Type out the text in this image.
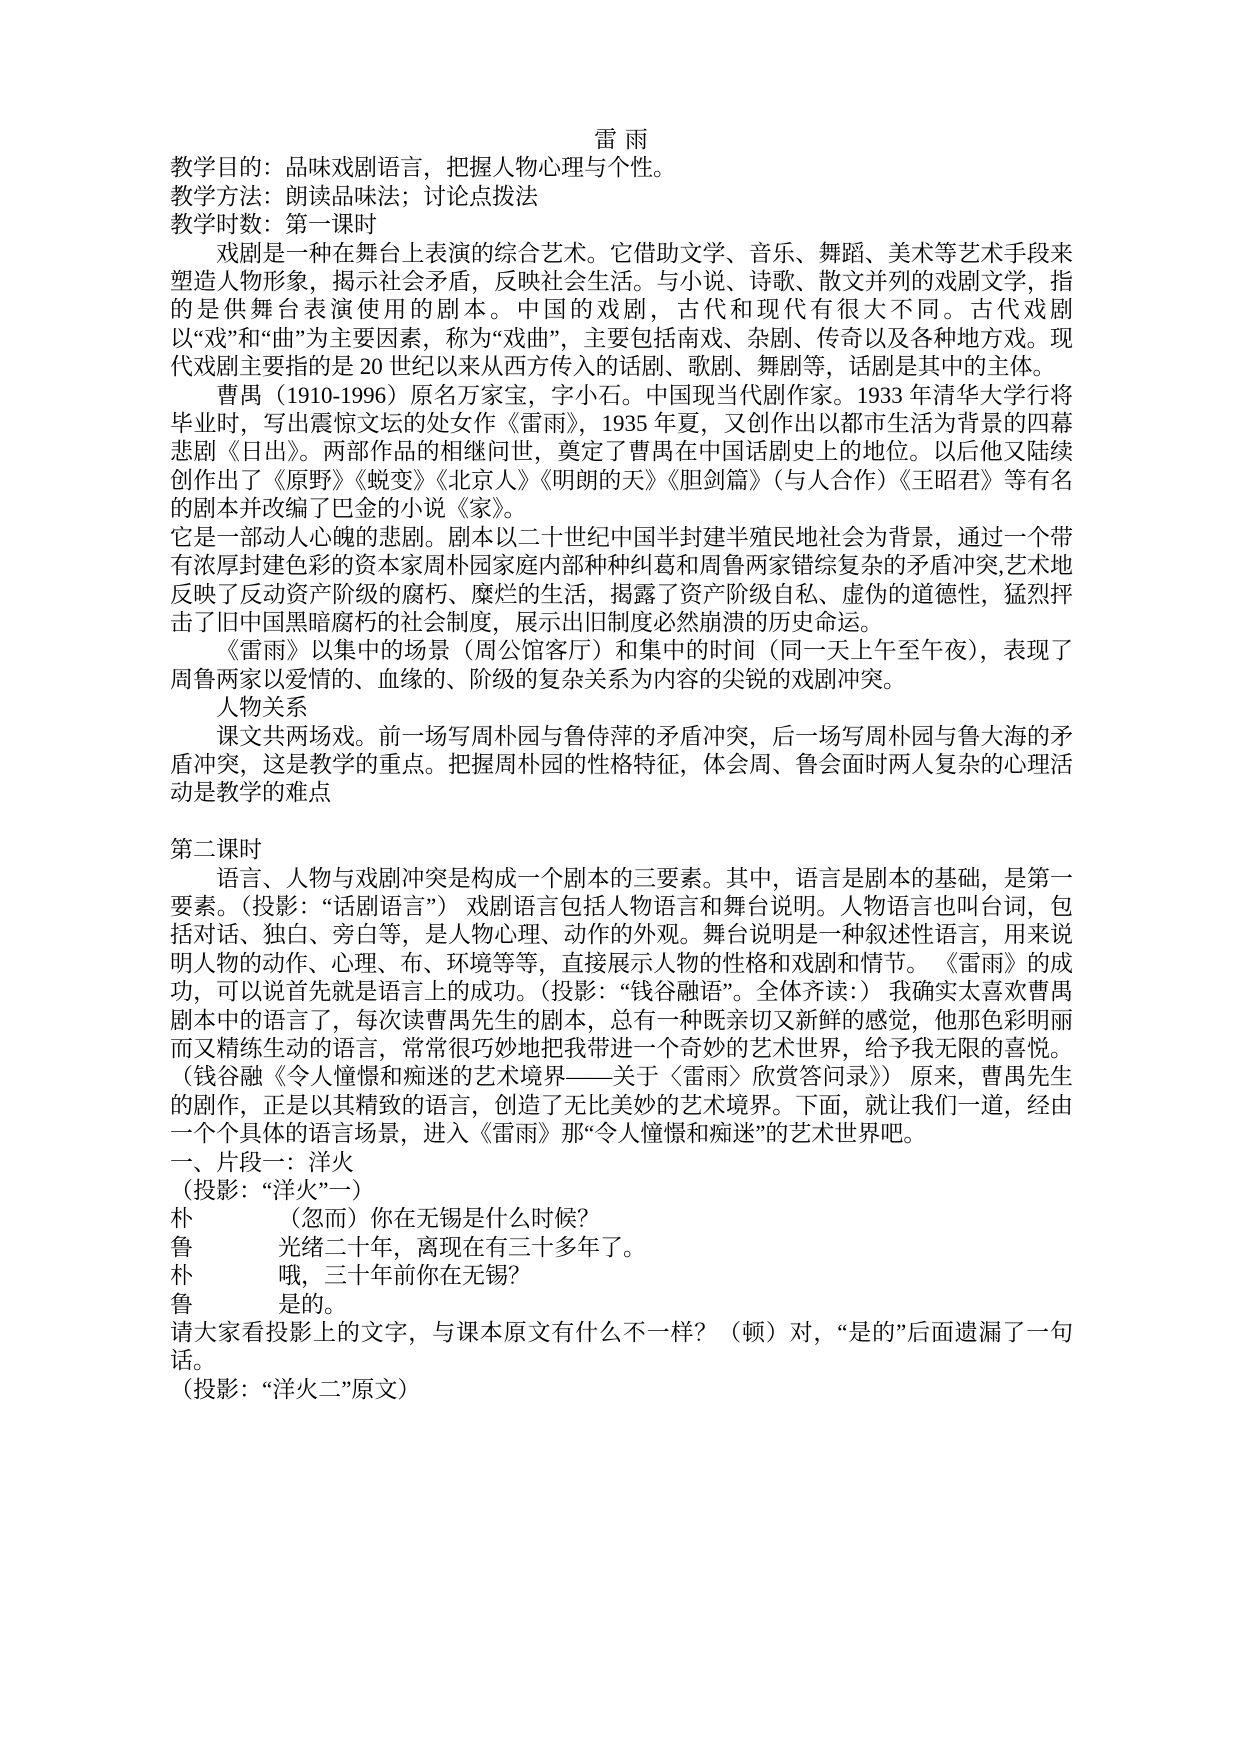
雷 雨

教学目的：品味戏剧语言，把握人物心理与个性。

教学方法：朗读品味法；讨论点拨法

教学时数：第一课时

戏剧是一种在舞台上表演的综合艺术。它借助文学、音乐、舞蹈、美术等艺术手段来塑造人物形象，揭示社会矛盾，反映社会生活。与小说、诗歌、散文并列的戏剧文学，指的是供舞台表演使用的剧本。中国的戏剧，古代和现代有很大不同。古代戏剧以“戏”和“曲”为主要因素，称为“戏曲”，主要包括南戏、杂剧、传奇以及各种地方戏。现代戏剧主要指的是 20 世纪以来从西方传入的话剧、歌剧、舞剧等，话剧是其中的主体。

曹禺（1910-1996）原名万家宝，字小石。中国现当代剧作家。1933 年清华大学行将毕业时，写出震惊文坛的处女作《雷雨》，1935 年夏，又创作出以都市生活为背景的四幕悲剧《日出》。两部作品的相继问世，奠定了曹禺在中国话剧史上的地位。以后他又陆续创作出了《原野》《蜕变》《北京人》《明朗的天》《胆剑篇》（与人合作）《王昭君》等有名的剧本并改编了巴金的小说《家》。

它是一部动人心魄的悲剧。剧本以二十世纪中国半封建半殖民地社会为背景，通过一个带有浓厚封建色彩的资本家周朴园家庭内部种种纠葛和周鲁两家错综复杂的矛盾冲突,艺术地反映了反动资产阶级的腐朽、糜烂的生活，揭露了资产阶级自私、虚伪的道德性，猛烈抨击了旧中国黑暗腐朽的社会制度，展示出旧制度必然崩溃的历史命运。

《雷雨》以集中的场景（周公馆客厅）和集中的时间（同一天上午至午夜），表现了周鲁两家以爱情的、血缘的、阶级的复杂关系为内容的尖锐的戏剧冲突。

人物关系

课文共两场戏。前一场写周朴园与鲁侍萍的矛盾冲突，后一场写周朴园与鲁大海的矛盾冲突，这是教学的重点。把握周朴园的性格特征，体会周、鲁会面时两人复杂的心理活动是教学的难点

第二课时

语言、人物与戏剧冲突是构成一个剧本的三要素。其中，语言是剧本的基础，是第一要素。（投影：“话剧语言”） 戏剧语言包括人物语言和舞台说明。人物语言也叫台词，包括对话、独白、旁白等，是人物心理、动作的外观。舞台说明是一种叙述性语言，用来说明人物的动作、心理、布、环境等等，直接展示人物的性格和戏剧和情节。 《雷雨》的成功，可以说首先就是语言上的成功。（投影：“钱谷融语”。全体齐读：） 我确实太喜欢曹禺剧本中的语言了，每次读曹禺先生的剧本，总有一种既亲切又新鲜的感觉，他那色彩明丽而又精练生动的语言，常常很巧妙地把我带进一个奇妙的艺术世界，给予我无限的喜悦。（钱谷融《令人憧憬和痴迷的艺术境界——关于〈雷雨〉欣赏答问录》） 原来，曹禺先生的剧作，正是以其精致的语言，创造了无比美妙的艺术境界。下面，就让我们一道，经由一个个具体的语言场景，进入《雷雨》那“令人憧憬和痴迷”的艺术世界吧。

一、片段一：洋火

（投影：“洋火”一）

朴	（忽而）你在无锡是什么时候？

鲁	光绪二十年，离现在有三十多年了。

朴	哦，三十年前你在无锡？

鲁	是的。

请大家看投影上的文字，与课本原文有什么不一样？（顿）对，“是的”后面遗漏了一句话。

（投影：“洋火二”原文）
